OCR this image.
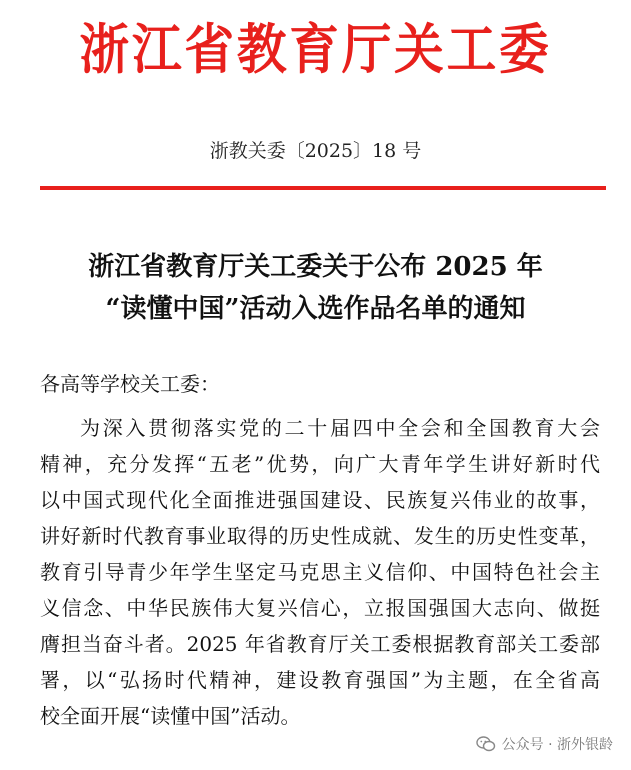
浙江省教育厅关工委
浙教关委〔2025〕18 号
浙江省教育厅关工委关于公布 2025 年
“读懂中国”活动入选作品名单的通知
各高等学校关工委：
为深入贯彻落实党的二十届四中全会和全国教育大会
精神，充分发挥“五老”优势，向广大青年学生讲好新时代
以中国式现代化全面推进强国建设、民族复兴伟业的故事，
讲好新时代教育事业取得的历史性成就、发生的历史性变革，
教育引导青少年学生坚定马克思主义信仰、中国特色社会主
义信念、中华民族伟大复兴信心，立报国强国大志向、做挺
膺担当奋斗者。2025 年省教育厅关工委根据教育部关工委部
署，以“弘扬时代精神，建设教育强国”为主题，在全省高
校全面开展“读懂中国”活动。
公众号 · 浙外银龄
